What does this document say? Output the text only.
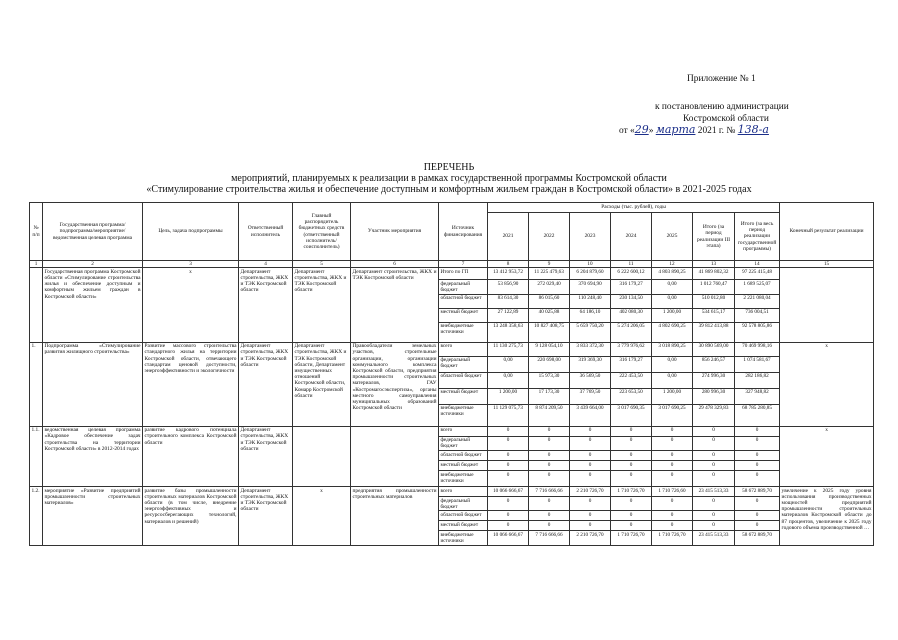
Приложение № 1
к постановлению администрации
Костромской области
от «29» марта 2021 г. № 138-а
ПЕРЕЧЕНЬ
мероприятий, планируемых к реализации в рамках государственной программы Костромской области
«Стимулирование строительства жилья и обеспечение доступным и комфортным жильем граждан в Костромской области» в 2021-2025 годах
№ п/п	Государственная программа/подпрограмма/мероприятие/ведомственная целевая программа	Цель, задача подпрограммы	Ответственный исполнитель	Главный распорядитель бюджетных средств (ответственный исполнитель/соисполнитель)	Участник мероприятия	Источник финансирования	Расходы (тыс. рублей), годы							Конечный результат реализации
							2021	2022	2023	2024	2025	Итого (за период реализации III этапа)	Итого (за весь период реализации государственной программы)	
1	2	3	4	5	6	7	8	9	10	11	12	13	14	15
	Государственная программа Костромской области «Стимулирование строительства жилья и обеспечение доступным и комфортным жильем граждан в Костромской области»	x	Департамент строительства, ЖКХ и ТЭК Костромской области	Департамент строительства, ЖКХ и ТЭК Костромской области	Департамент строительства, ЖКХ и ТЭК Костромской области	Итого по ГП	13 412 953,72	11 225 479,63	6 204 879,60	6 222 600,12	4 803 890,25	41 869 802,32	97 225 415,48	
						федеральный бюджет	53 856,90	272 029,40	370 694,90	316 179,27	0,00	1 012 760,47	1 689 525,07	
						областной бюджет	83 614,30	86 015,60	110 248,40	230 134,50	0,00	510 012,80	2 221 080,04	
						местный бюджет	27 122,89	40 025,88	64 186,10	402 080,30	1 200,00	534 615,17	736 004,51	
						внебюджетные источники	13 248 358,63	10 827 408,75	5 659 750,20	5 274 206,05	4 802 690,25	39 812 413,88	92 578 805,86	
1.	Подпрограмма «Стимулирование развития жилищного строительства»	Развитие массового строительства стандартного жилья на территории Костромской области, отвечающего стандартам ценовой доступности, энергоэффективности и экологичности	Департамент строительства, ЖКХ и ТЭК Костромской области	Департамент строительства, ЖКХ и ТЭК Костромской области, Департамент имущественных отношений Костромской области, Комарр Костромской области	Правообладатели земельных участков, строительные организации, организации коммунального комплекса Костромской области, предприятия промышленности строительных материалов, ГАУ «Костромагосэкспертиза», органы местного самоуправления муниципальных образований Костромской области	всего	11 130 275,73	9 128 054,10	3 833 372,30	3 779 976,62	3 018 890,25	30 890 569,00	70 469 998,16	x
						федеральный бюджет	0,00	220 698,00	319 369,30	316 179,27	0,00	856 246,57	1 074 581,67	
						областной бюджет	0,00	15 973,30	36 569,50	222 453,50	0,00	274 996,30	282 186,82	
						местный бюджет	1 200,00	17 173,30	37 769,50	223 653,50	1 200,00	280 996,30	327 948,82	
						внебюджетные источники	11 129 075,73	8 874 209,50	3 439 664,00	3 017 690,35	3 017 690,25	29 478 329,83	68 785 280,85	
1.1.	ведомственная целевая программа «Кадровое обеспечение задач строительства на территории Костромской области» в 2012-2014 годах	развитие кадрового потенциала строительного комплекса Костромской области	Департамент строительства, ЖКХ и ТЭК Костромской области			всего	0	0	0	0	0	0	0	x
						федеральный бюджет	0	0	0	0	0	0	0	
						областной бюджет	0	0	0	0	0	0	0	
						местный бюджет	0	0	0	0	0	0	0	
						внебюджетные источники	0	0	0	0	0	0	0	
1.2.	мероприятие «Развитие предприятий промышленности строительных материалов»	развитие базы промышленности строительных материалов Костромской области (в том числе, внедрение энергоэффективных и ресурсосберегающих технологий, материалов и решений)	Департамент строительства, ЖКХ и ТЭК Костромской области	x	предприятия промышленности строительных материалов	всего	10 066 666,67	7 716 666,66	2 210 726,70	1 710 726,70	1 710 726,60	23 415 513,33	58 672 889,70	увеличение к 2025 году уровня использования производственных мощностей предприятий промышленности строительных материалов Костромской области до 87 процентов, увеличение к 2025 году годового объема производственной …
						федеральный бюджет	0	0	0	0	0	0	0	
						областной бюджет	0	0	0	0	0	0	0	
						местный бюджет	0	0	0	0	0	0	0	
						внебюджетные источники	10 066 666,67	7 716 666,66	2 210 726,70	1 710 726,70	1 710 726,70	23 415 513,33	58 672 889,70	
